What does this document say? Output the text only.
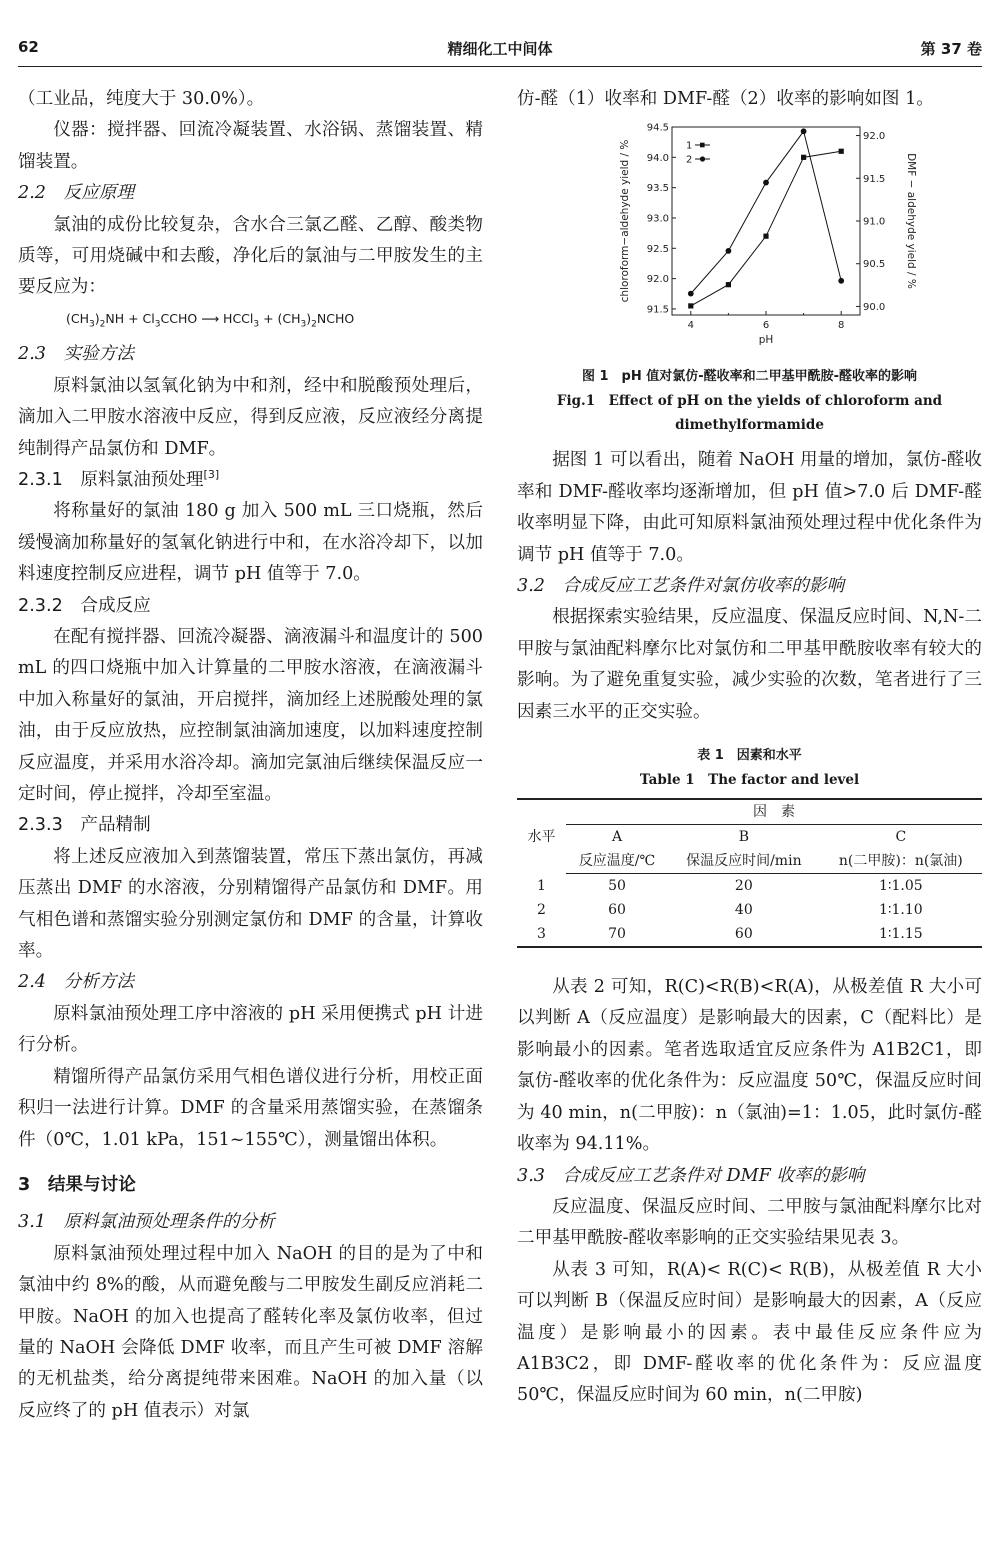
62	精细化工中间体	第 37 卷

（工业品，纯度大于 30.0%）。

仪器：搅拌器、回流冷凝装置、水浴锅、蒸馏装置、精馏装置。

2.2　反应原理

氯油的成份比较复杂，含水合三氯乙醛、乙醇、酸类物质等，可用烧碱中和去酸，净化后的氯油与二甲胺发生的主要反应为：

$(CH_3)_2NH$ + $Cl_3CCHO$ ⟶ HCCl$_3$ + $(CH_3)_2NCHO$

2.3　实验方法

原料氯油以氢氧化钠为中和剂，经中和脱酸预处理后，滴加入二甲胺水溶液中反应，得到反应液，反应液经分离提纯制得产品氯仿和 DMF。

2.3.1　原料氯油预处理[3]

将称量好的氯油 180 g 加入 500 mL 三口烧瓶，然后缓慢滴加称量好的氢氧化钠进行中和，在水浴冷却下，以加料速度控制反应进程，调节 pH 值等于 7.0。

2.3.2　合成反应

在配有搅拌器、回流冷凝器、滴液漏斗和温度计的 500 mL 的四口烧瓶中加入计算量的二甲胺水溶液，在滴液漏斗中加入称量好的氯油，开启搅拌，滴加经上述脱酸处理的氯油，由于反应放热，应控制氯油滴加速度，以加料速度控制反应温度，并采用水浴冷却。滴加完氯油后继续保温反应一定时间，停止搅拌，冷却至室温。

2.3.3　产品精制

将上述反应液加入到蒸馏装置，常压下蒸出氯仿，再减压蒸出 DMF 的水溶液，分别精馏得产品氯仿和 DMF。用气相色谱和蒸馏实验分别测定氯仿和 DMF 的含量，计算收率。

2.4　分析方法

原料氯油预处理工序中溶液的 pH 采用便携式 pH 计进行分析。

精馏所得产品氯仿采用气相色谱仪进行分析，用校正面积归一法进行计算。DMF 的含量采用蒸馏实验，在蒸馏条件（0℃，1.01 kPa，151~155℃），测量馏出体积。

3　结果与讨论

3.1　原料氯油预处理条件的分析

原料氯油预处理过程中加入 NaOH 的目的是为了中和氯油中约 8%的酸，从而避免酸与二甲胺发生副反应消耗二甲胺。NaOH 的加入也提高了醛转化率及氯仿收率，但过量的 NaOH 会降低 DMF 收率，而且产生可被 DMF 溶解的无机盐类，给分离提纯带来困难。NaOH 的加入量（以反应终了的 pH 值表示）对氯

仿-醛（1）收率和 DMF-醛（2）收率的影响如图 1。

4	6	8
pH
91.5
92.0
92.5
93.0
93.5
94.0
94.5
90.0
90.5
91.0
91.5
92.0
chloroform−aldehyde yield / %	DMF − aldehyde yield / %
1
2
图 1　pH 值对氯仿-醛收率和二甲基甲酰胺-醛收率的影响
Fig.1　Effect of pH on the yields of chloroform and
dimethylformamide

据图 1 可以看出，随着 NaOH 用量的增加，氯仿-醛收率和 DMF-醛收率均逐渐增加，但 pH 值>7.0 后 DMF-醛收率明显下降，由此可知原料氯油预处理过程中优化条件为调节 pH 值等于 7.0。

3.2　合成反应工艺条件对氯仿收率的影响

根据探索实验结果，反应温度、保温反应时间、N,N-二甲胺与氯油配料摩尔比对氯仿和二甲基甲酰胺收率有较大的影响。为了避免重复实验，减少实验的次数，笔者进行了三因素三水平的正交实验。

表 1　因素和水平
Table 1　The factor and level
水平	因　素		
	A	B	C
	反应温度/℃	保温反应时间/min	n(二甲胺)：n(氯油)
1	50	20	1∶1.05
2	60	40	1∶1.10
3	70	60	1∶1.15

从表 2 可知，R(C)<R(B)<R(A)，从极差值 R 大小可以判断 A（反应温度）是影响最大的因素，C（配料比）是影响最小的因素。笔者选取适宜反应条件为 A1B2C1，即氯仿-醛收率的优化条件为：反应温度 50℃，保温反应时间为 40 min，n(二甲胺)：n（氯油)=1：1.05，此时氯仿-醛收率为 94.11%。

3.3　合成反应工艺条件对 DMF 收率的影响

反应温度、保温反应时间、二甲胺与氯油配料摩尔比对二甲基甲酰胺-醛收率影响的正交实验结果见表 3。

从表 3 可知，R(A)< R(C)< R(B)，从极差值 R 大小可以判断 B（保温反应时间）是影响最大的因素，A（反应温度）是影响最小的因素。表中最佳反应条件应为 A1B3C2，即 DMF-醛收率的优化条件为：反应温度 50℃，保温反应时间为 60 min，n(二甲胺)
